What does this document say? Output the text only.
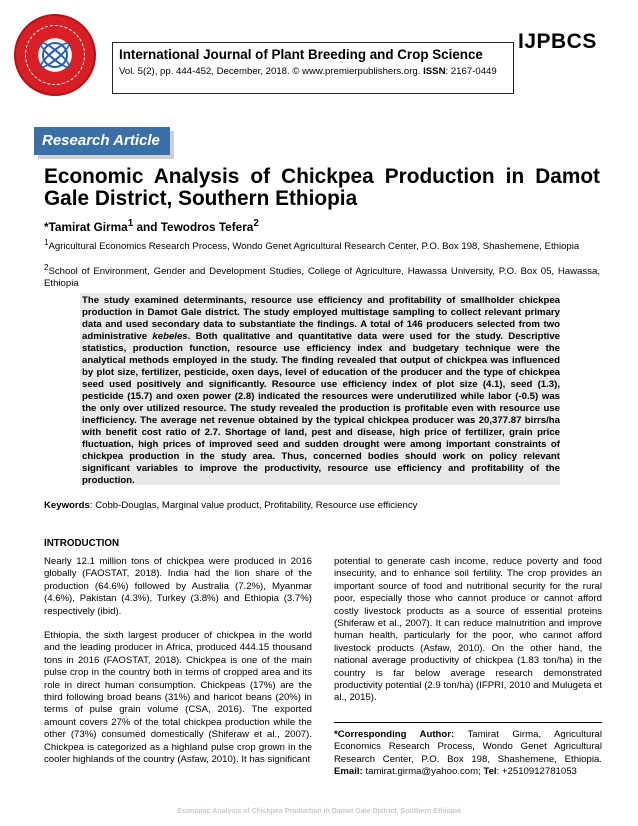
International Journal of Plant Breeding and Crop Science
Vol. 5(2), pp. 444-452, December, 2018. © www.premierpublishers.org. ISSN: 2167-0449
IJPBCS
Research Article
Economic Analysis of Chickpea Production in Damot Gale District, Southern Ethiopia
*Tamirat Girma$^1$ and Tewodros Tefera$^2$
$^1$Agricultural Economics Research Process, Wondo Genet Agricultural Research Center, P.O. Box 198, Shashemene, Ethiopia
$^2$School of Environment, Gender and Development Studies, College of Agriculture, Hawassa University, P.O. Box 05, Hawassa, Ethiopia
The study examined determinants, resource use efficiency and profitability of smallholder chickpea production in Damot Gale district. The study employed multistage sampling to collect relevant primary data and used secondary data to substantiate the findings. A total of 146 producers selected from two administrative kebeles. Both qualitative and quantitative data were used for the study. Descriptive statistics, production function, resource use efficiency index and budgetary technique were the analytical methods employed in the study. The finding revealed that output of chickpea was influenced by plot size, fertilizer, pesticide, oxen days, level of education of the producer and the type of chickpea seed used positively and significantly. Resource use efficiency index of plot size (4.1), seed (1.3), pesticide (15.7) and oxen power (2.8) indicated the resources were underutilized while labor (-0.5) was the only over utilized resource. The study revealed the production is profitable even with resource use inefficiency. The average net revenue obtained by the typical chickpea producer was 20,377.87 birrs/ha with benefit cost ratio of 2.7. Shortage of land, pest and disease, high price of fertilizer, grain price fluctuation, high prices of improved seed and sudden drought were among important constraints of chickpea production in the study area. Thus, concerned bodies should work on policy relevant significant variables to improve the productivity, resource use efficiency and profitability of the production.
Keywords: Cobb-Douglas, Marginal value product, Profitability, Resource use efficiency
INTRODUCTION

Nearly 12.1 million tons of chickpea were produced in 2016 globally (FAOSTAT, 2018). India had the lion share of the production (64.6%) followed by Australia (7.2%), Myanmar (4.6%), Pakistan (4.3%), Turkey (3.8%) and Ethiopia (3.7%) respectively (ibid).

Ethiopia, the sixth largest producer of chickpea in the world and the leading producer in Africa, produced 444.15 thousand tons in 2016 (FAOSTAT, 2018). Chickpea is one of the main pulse crop in the country both in terms of cropped area and its role in direct human consumption. Chickpeas (17%) are the third following broad beans (31%) and haricot beans (20%) in terms of pulse grain volume (CSA, 2016). The exported amount covers 27% of the total chickpea production while the other (73%) consumed domestically (Shiferaw et al., 2007). Chickpea is categorized as a highland pulse crop grown in the cooler highlands of the country (Asfaw, 2010). It has significant

potential to generate cash income, reduce poverty and food insecurity, and to enhance soil fertility. The crop provides an important source of food and nutritional security for the rural poor, especially those who cannot produce or cannot afford costly livestock products as a source of essential proteins (Shiferaw et al., 2007). It can reduce malnutrition and improve human health, particularly for the poor, who cannot afford livestock products (Asfaw, 2010). On the other hand, the national average productivity of chickpea (1.83 ton/ha) in the country is far below average research demonstrated productivity potential (2.9 ton/ha) (IFPRI, 2010 and Mulugeta et al., 2015).

*Corresponding Author: Tamirat Girma, Agricultural Economics Research Process, Wondo Genet Agricultural Research Center, P.O. Box 198, Shashemene, Ethiopia. Email: tamirat.girma@yahoo.com; Tel: +2510912781053
Economic Analysis of Chickpea Production in Damot Gale District, Southern Ethiopia
